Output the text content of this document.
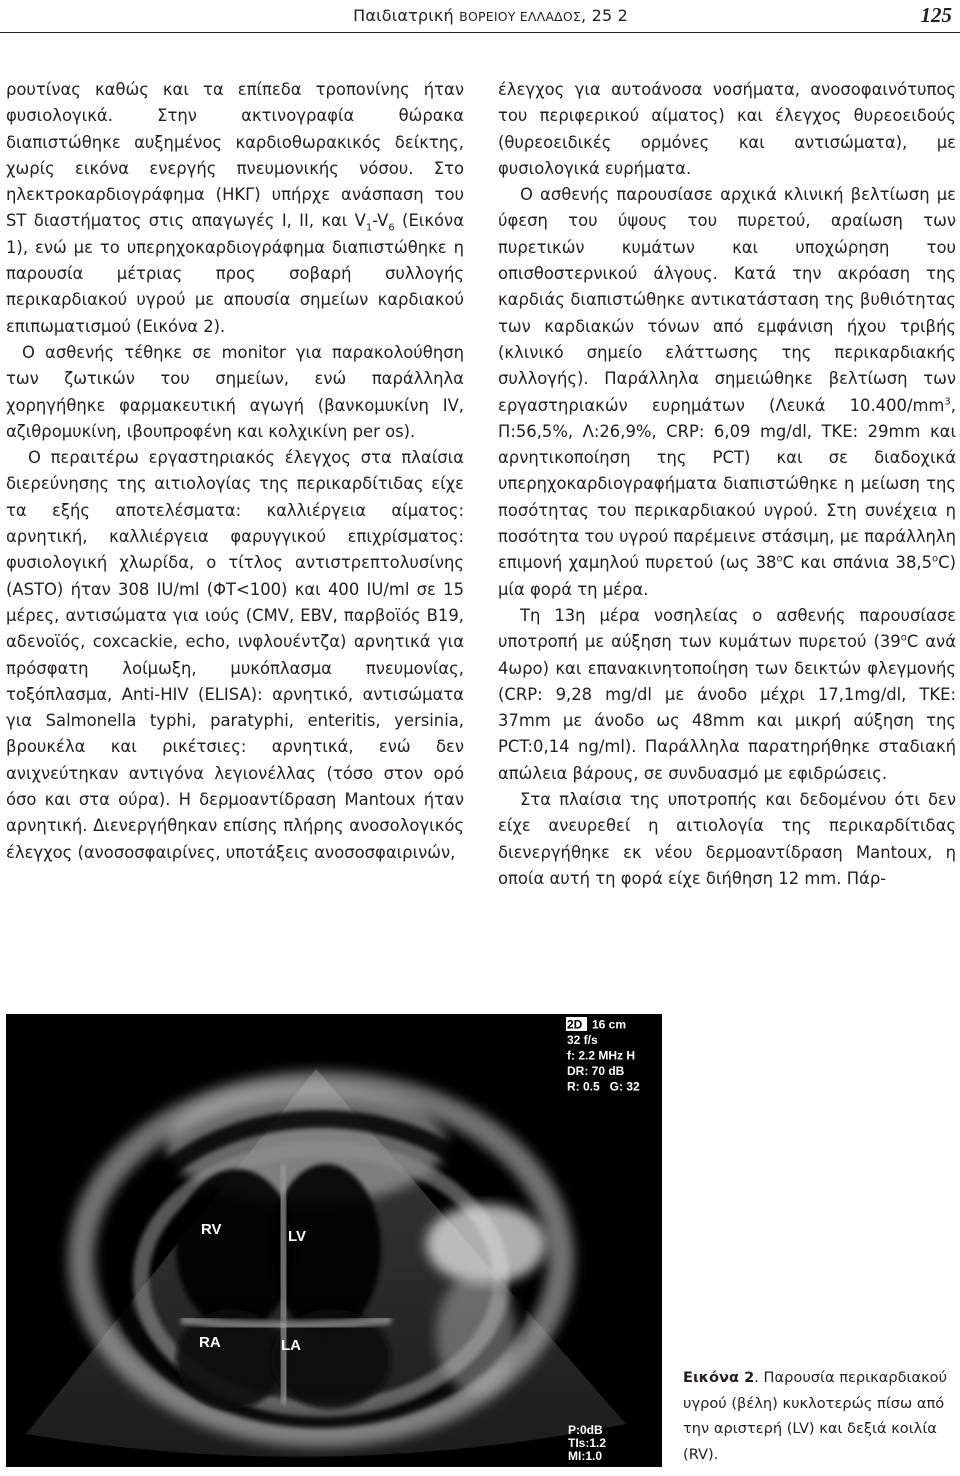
Παιδιατρική ΒΟΡΕΙΟΥ ΕΛΛΑΔΟΣ, 25 2	125

ρουτίνας καθώς και τα επίπεδα τροπονίνης ήταν φυσιολογικά. Στην ακτινογραφία θώρακα διαπιστώθηκε αυξημένος καρδιοθωρακικός δείκτης, χωρίς εικόνα ενεργής πνευμονικής νόσου. Στο ηλεκτροκαρδιογράφημα (ΗΚΓ) υπήρχε ανάσπαση του ST διαστήματος στις απαγωγές I, II, και $V_1-V_6$ (Εικόνα 1), ενώ με το υπερηχοκαρδιογράφημα διαπιστώθηκε η παρουσία μέτριας προς σοβαρή συλλογής περικαρδιακού υγρού με απουσία σημείων καρδιακού επιπωματισμού (Εικόνα 2).

Ο ασθενής τέθηκε σε monitor για παρακολούθηση των ζωτικών του σημείων, ενώ παράλληλα χορηγήθηκε φαρμακευτική αγωγή (βανκομυκίνη IV, αζιθρομυκίνη, ιβουπροφένη και κολχικίνη per os).

Ο περαιτέρω εργαστηριακός έλεγχος στα πλαίσια διερεύνησης της αιτιολογίας της περικαρδίτιδας είχε τα εξής αποτελέσματα: καλλιέργεια αίματος: αρνητική, καλλιέργεια φαρυγγικού επιχρίσματος: φυσιολογική χλωρίδα, ο τίτλος αντιστρεπτολυσίνης (ASTO) ήταν 308 IU/ml (ΦΤ<100) και 400 IU/ml σε 15 μέρες, αντισώματα για ιούς (CMV, EBV, παρβοϊός Β19, αδενοϊός, coxcackie, echo, ινφλουέντζα) αρνητικά για πρόσφατη λοίμωξη, μυκόπλασμα πνευμονίας, τοξόπλασμα, Anti-HIV (ELISA): αρνητικό, αντισώματα για Salmonella typhi, paratyphi, enteritis, yersinia, βρουκέλα και ρικέτσιες: αρνητικά, ενώ δεν ανιχνεύτηκαν αντιγόνα λεγιονέλλας (τόσο στον ορό όσο και στα ούρα). Η δερμοαντίδραση Mantoux ήταν αρνητική. Διενεργήθηκαν επίσης πλήρης ανοσολογικός έλεγχος (ανοσοσφαιρίνες, υποτάξεις ανοσοσφαιρινών,

έλεγχος για αυτοάνοσα νοσήματα, ανοσοφαινότυπος του περιφερικού αίματος) και έλεγχος θυρεοειδούς (θυρεοειδικές ορμόνες και αντισώματα), με φυσιολογικά ευρήματα.

Ο ασθενής παρουσίασε αρχικά κλινική βελτίωση με ύφεση του ύψους του πυρετού, αραίωση των πυρετικών κυμάτων και υποχώρηση του οπισθοστερνικού άλγους. Κατά την ακρόαση της καρδιάς διαπιστώθηκε αντικατάσταση της βυθιότητας των καρδιακών τόνων από εμφάνιση ήχου τριβής (κλινικό σημείο ελάττωσης της περικαρδιακής συλλογής). Παράλληλα σημειώθηκε βελτίωση των εργαστηριακών ευρημάτων (Λευκά $10.400/mm^3$, Π:56,5%, Λ:26,9%, CRP: 6,09 mg/dl, ΤΚΕ: 29mm και αρνητικοποίηση της PCT) και σε διαδοχικά υπερηχοκαρδιογραφήματα διαπιστώθηκε η μείωση της ποσότητας του περικαρδιακού υγρού. Στη συνέχεια η ποσότητα του υγρού παρέμεινε στάσιμη, με παράλληλη επιμονή χαμηλού πυρετού (ως $38^oC$ και σπάνια $38,5^oC$) μία φορά τη μέρα.

Τη 13η μέρα νοσηλείας ο ασθενής παρουσίασε υποτροπή με αύξηση των κυμάτων πυρετού ($39^oC$ ανά 4ωρο) και επανακινητοποίηση των δεικτών φλεγμονής (CRP: 9,28 mg/dl με άνοδο μέχρι 17,1mg/dl, ΤΚΕ: 37mm με άνοδο ως 48mm και μικρή αύξηση της PCT:0,14 ng/ml). Παράλληλα παρατηρήθηκε σταδιακή απώλεια βάρους, σε συνδυασμό με εφιδρώσεις.

Στα πλαίσια της υποτροπής και δεδομένου ότι δεν είχε ανευρεθεί η αιτιολογία της περικαρδίτιδας διενεργήθηκε εκ νέου δερμοαντίδραση Mantoux, η οποία αυτή τη φορά είχε διήθηση 12 mm. Πάρ-

2D 16 cm
32 f/s
f: 2.2 MHz H
DR: 70 dB
R: 0.5   G: 32
RV	LV
RA	LA
P:0dB
TIs:1.2
MI:1.0
Εικόνα 2. Παρουσία περικαρδιακού υγρού (βέλη) κυκλοτερώς πίσω από την αριστερή (LV) και δεξιά κοιλία (RV).
